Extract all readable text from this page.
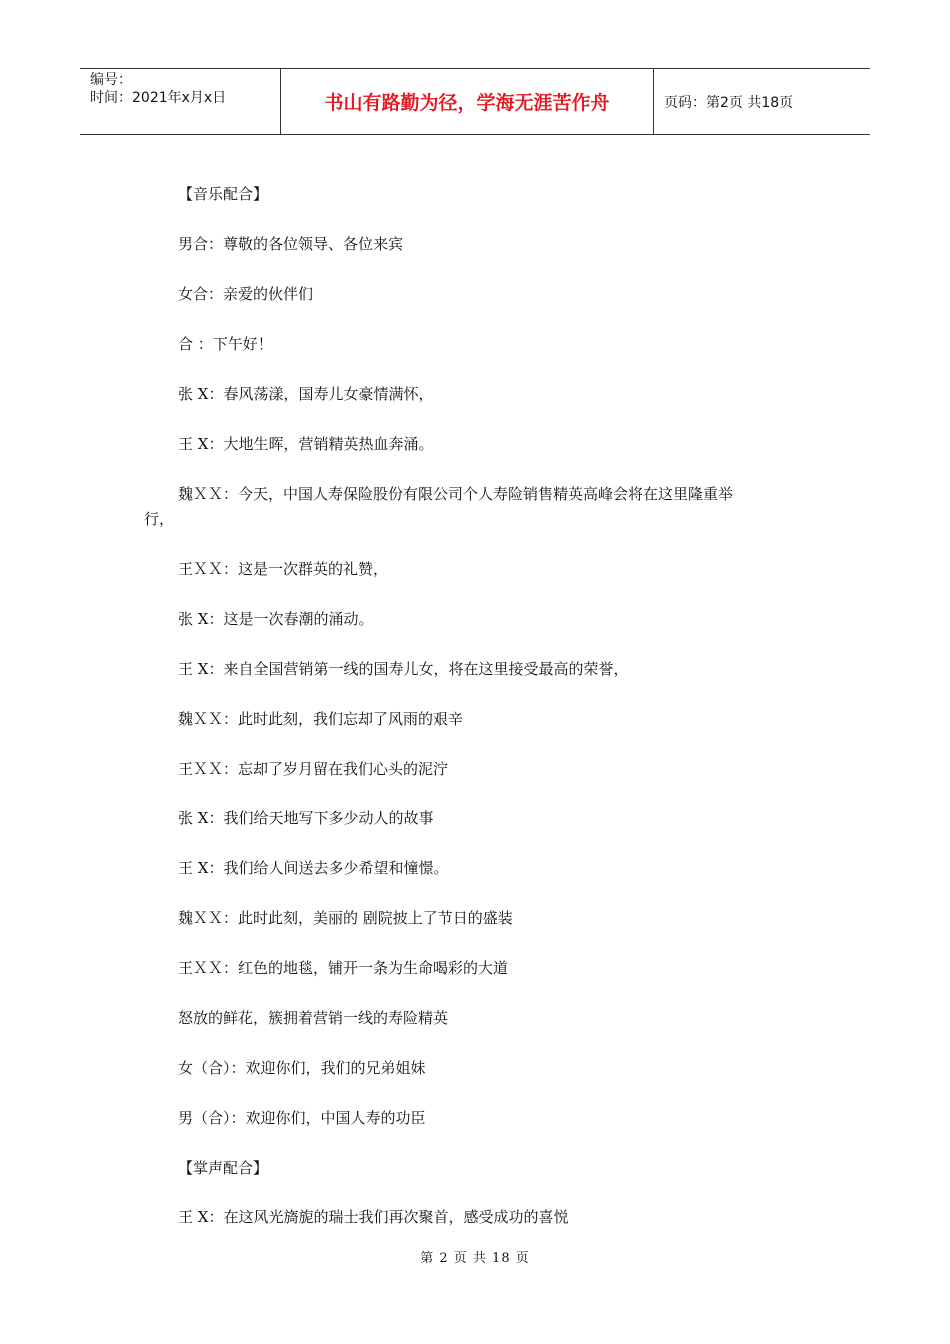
编号：
时间：2021年x月x日	书山有路勤为径，学海无涯苦作舟	页码：第2页 共18页
【音乐配合】
男合：尊敬的各位领导、各位来宾
女合：亲爱的伙伴们
合 ：下午好！
张 X：春风荡漾，国寿儿女豪情满怀，
王 X：大地生晖，营销精英热血奔涌。
魏ＸＸ：今天，中国人寿保险股份有限公司个人寿险销售精英高峰会将在这里隆重举
行，
王ＸＸ：这是一次群英的礼赞，
张 X：这是一次春潮的涌动。
王 X：来自全国营销第一线的国寿儿女，将在这里接受最高的荣誉，
魏ＸＸ：此时此刻，我们忘却了风雨的艰辛
王ＸＸ：忘却了岁月留在我们心头的泥泞
张 X：我们给天地写下多少动人的故事
王 X：我们给人间送去多少希望和憧憬。
魏ＸＸ：此时此刻，美丽的 剧院披上了节日的盛装
王ＸＸ：红色的地毯，铺开一条为生命喝彩的大道
怒放的鲜花，簇拥着营销一线的寿险精英
女（合）：欢迎你们，我们的兄弟姐妹
男（合）：欢迎你们，中国人寿的功臣
【掌声配合】
王 X：在这风光旖旎的瑞士我们再次聚首，感受成功的喜悦
第 2 页 共 18 页
